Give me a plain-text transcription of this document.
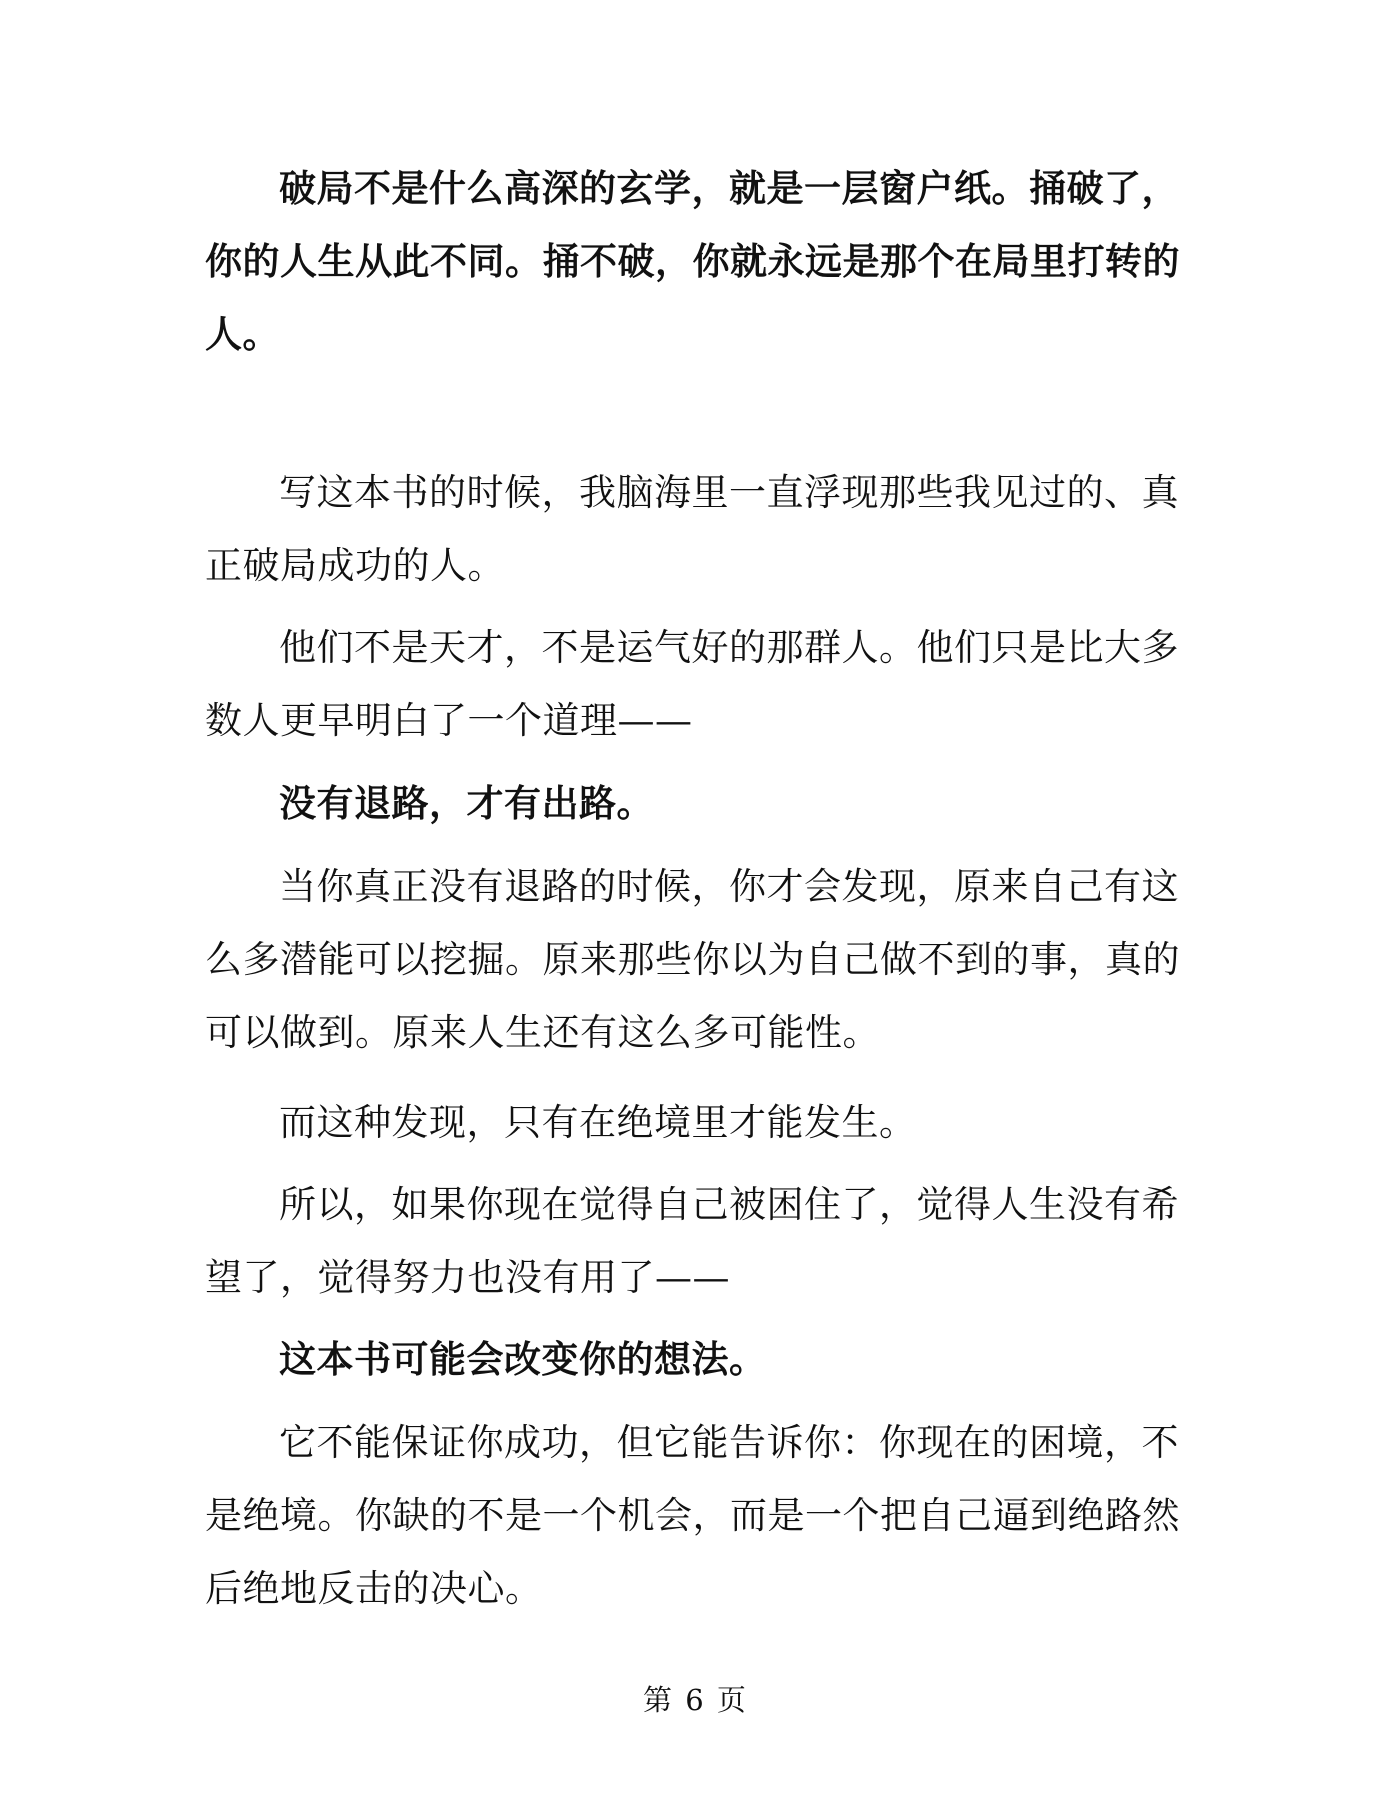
破局不是什么高深的玄学，就是一层窗户纸。捅破了，你的人生从此不同。捅不破，你就永远是那个在局里打转的人。

写这本书的时候，我脑海里一直浮现那些我见过的、真正破局成功的人。

他们不是天才，不是运气好的那群人。他们只是比大多数人更早明白了一个道理——

没有退路，才有出路。

当你真正没有退路的时候，你才会发现，原来自己有这么多潜能可以挖掘。原来那些你以为自己做不到的事，真的可以做到。原来人生还有这么多可能性。

而这种发现，只有在绝境里才能发生。

所以，如果你现在觉得自己被困住了，觉得人生没有希望了，觉得努力也没有用了——

这本书可能会改变你的想法。

它不能保证你成功，但它能告诉你：你现在的困境，不是绝境。你缺的不是一个机会，而是一个把自己逼到绝路然后绝地反击的决心。

第 6 页
